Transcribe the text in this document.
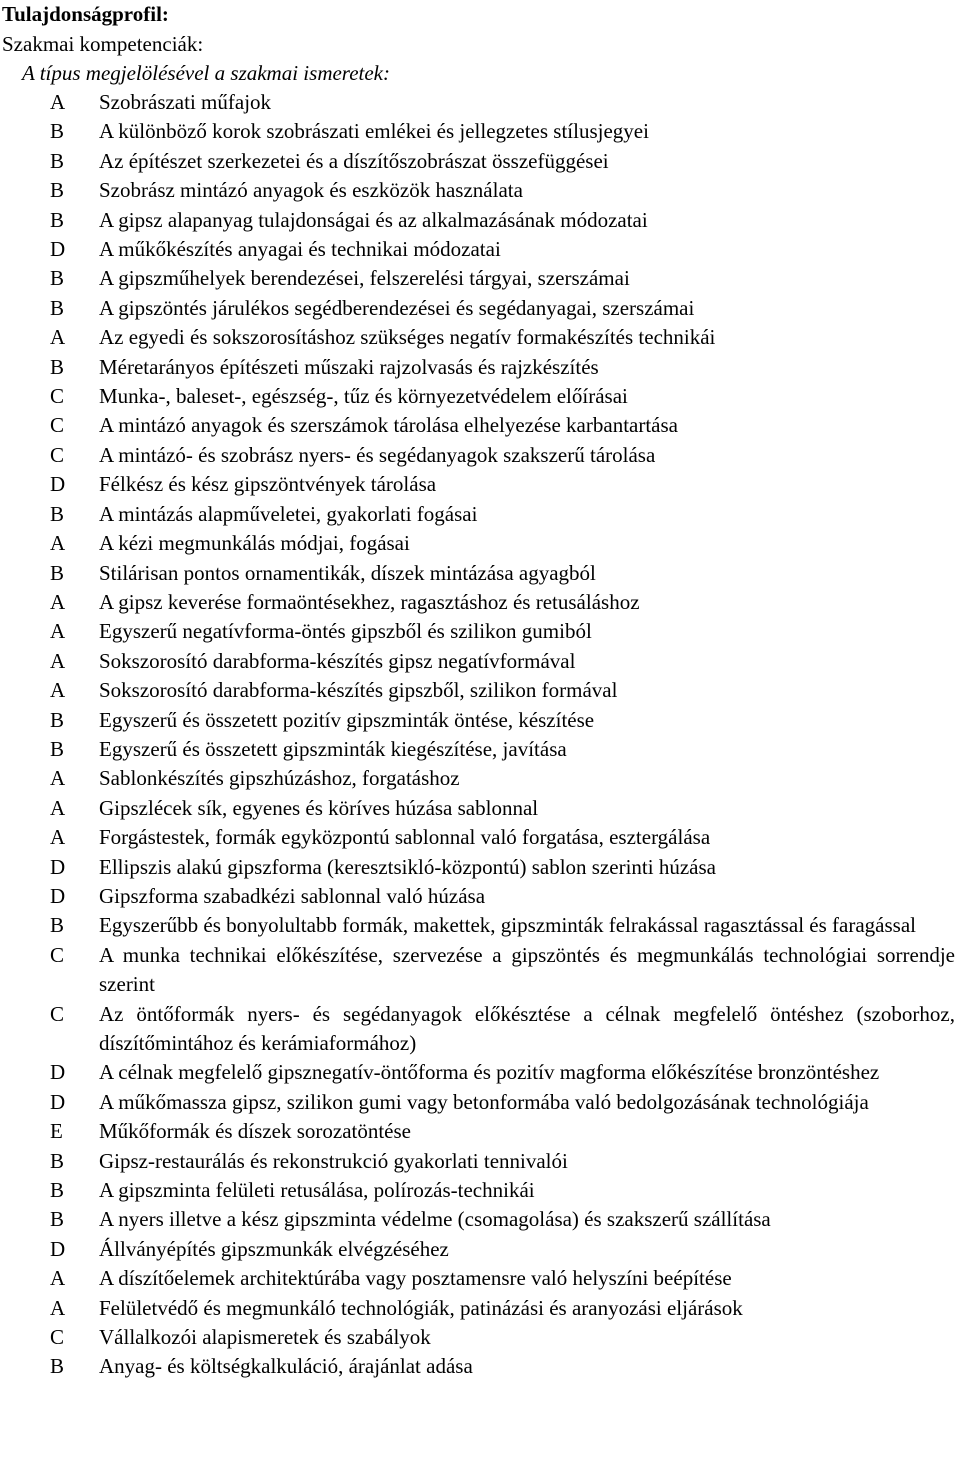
Tulajdonságprofil:
Szakmai kompetenciák:
A típus megjelölésével a szakmai ismeretek:
A	Szobrászati műfajok
B	A különböző korok szobrászati emlékei és jellegzetes stílusjegyei
B	Az építészet szerkezetei és a díszítőszobrászat összefüggései
B	Szobrász mintázó anyagok és eszközök használata
B	A gipsz alapanyag tulajdonságai és az alkalmazásának módozatai
D	A műkőkészítés anyagai és technikai módozatai
B	A gipszműhelyek berendezései, felszerelési tárgyai, szerszámai
B	A gipszöntés járulékos segédberendezései és segédanyagai, szerszámai
A	Az egyedi és sokszorosításhoz szükséges negatív formakészítés technikái
B	Méretarányos építészeti műszaki rajzolvasás és rajzkészítés
C	Munka-, baleset-, egészség-, tűz és környezetvédelem előírásai
C	A mintázó anyagok és szerszámok tárolása elhelyezése karbantartása
C	A mintázó- és szobrász nyers- és segédanyagok szakszerű tárolása
D	Félkész és kész gipszöntvények tárolása
B	A mintázás alapműveletei, gyakorlati fogásai
A	A kézi megmunkálás módjai, fogásai
B	Stilárisan pontos ornamentikák, díszek mintázása agyagból
A	A gipsz keverése formaöntésekhez, ragasztáshoz és retusáláshoz
A	Egyszerű negatívforma-öntés gipszből és szilikon gumiból
A	Sokszorosító darabforma-készítés gipsz negatívformával
A	Sokszorosító darabforma-készítés gipszből, szilikon formával
B	Egyszerű és összetett pozitív gipszminták öntése, készítése
B	Egyszerű és összetett gipszminták kiegészítése, javítása
A	Sablonkészítés gipszhúzáshoz, forgatáshoz
A	Gipszlécek sík, egyenes és köríves húzása sablonnal
A	Forgástestek, formák egyközpontú sablonnal való forgatása, esztergálása
D	Ellipszis alakú gipszforma (keresztsikló-központú) sablon szerinti húzása
D	Gipszforma szabadkézi sablonnal való húzása
B	Egyszerűbb és bonyolultabb formák, makettek, gipszminták felrakással ragasztással és faragással
C	A munka technikai előkészítése, szervezése a gipszöntés és megmunkálás technológiai sorrendje szerint
C	Az öntőformák nyers- és segédanyagok előkésztése a célnak megfelelő öntéshez (szoborhoz, díszítőmintához és kerámiaformához)
D	A célnak megfelelő gipsznegatív-öntőforma és pozitív magforma előkészítése bronzöntéshez
D	A műkőmassza gipsz, szilikon gumi vagy betonformába való bedolgozásának technológiája
E	Műkőformák és díszek sorozatöntése
B	Gipsz-restaurálás és rekonstrukció gyakorlati tennivalói
B	A gipszminta felületi retusálása, polírozás-technikái
B	A nyers illetve a kész gipszminta védelme (csomagolása) és szakszerű szállítása
D	Állványépítés gipszmunkák elvégzéséhez
A	A díszítőelemek architektúrába vagy posztamensre való helyszíni beépítése
A	Felületvédő és megmunkáló technológiák, patinázási és aranyozási eljárások
C	Vállalkozói alapismeretek és szabályok
B	Anyag- és költségkalkuláció, árajánlat adása
